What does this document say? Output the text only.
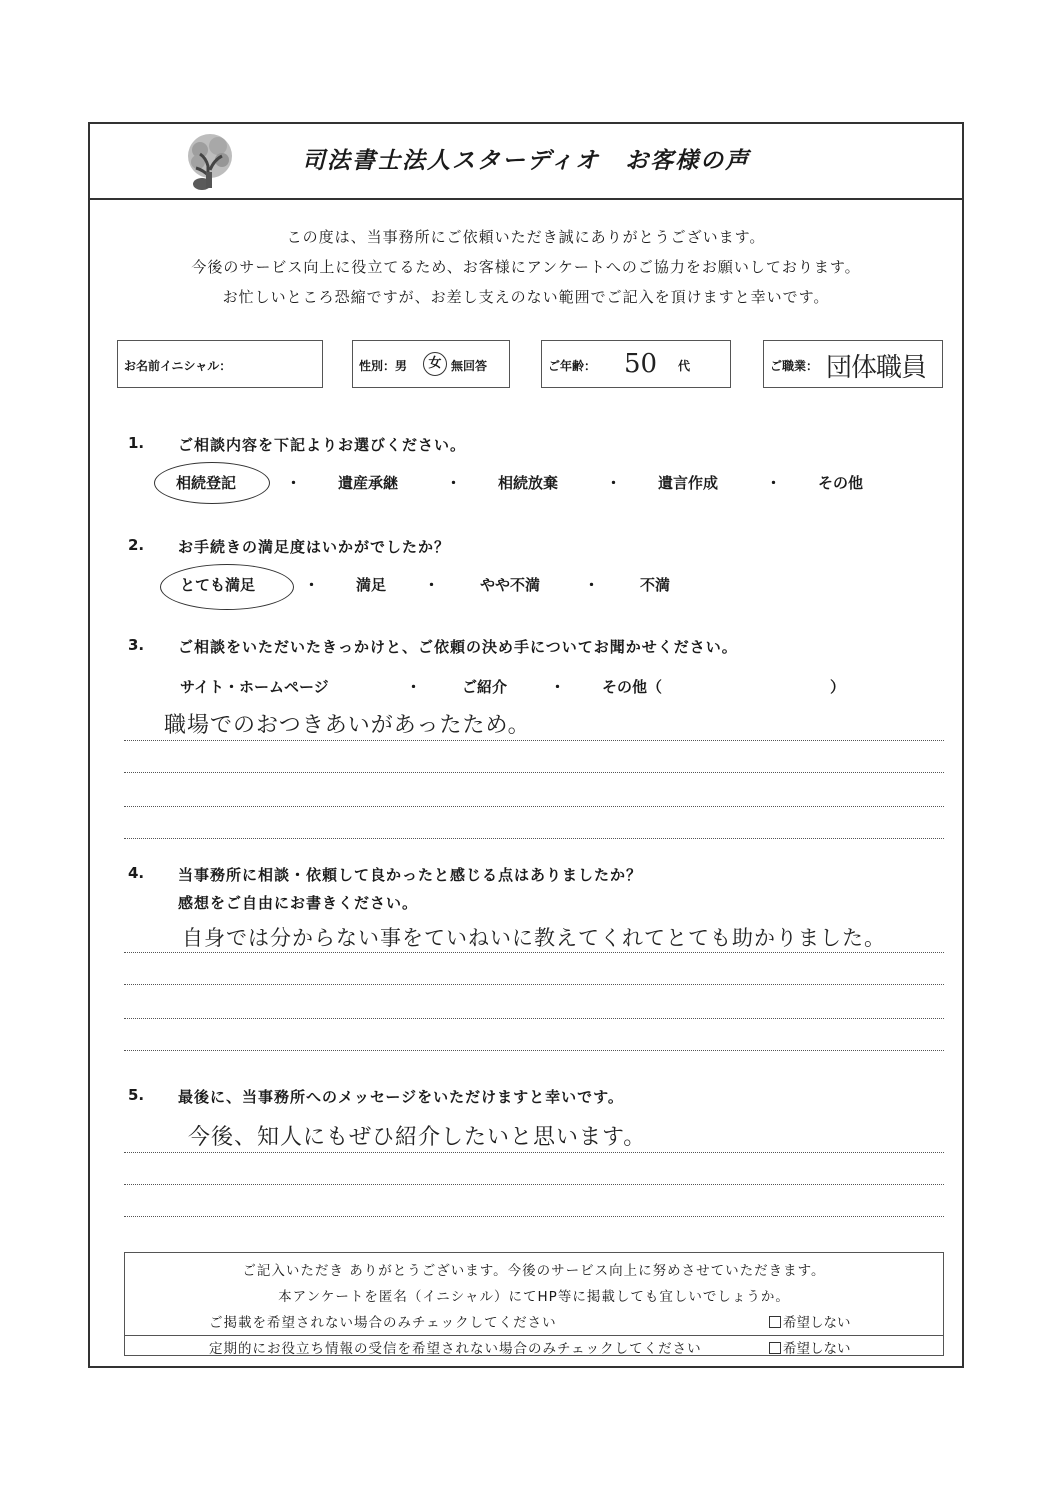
司法書士法人スターディオ　お客様の声
この度は、当事務所にご依頼いただき誠にありがとうございます。
今後のサービス向上に役立てるため、お客様にアンケートへのご協力をお願いしております。
お忙しいところ恐縮ですが、お差し支えのない範囲でご記入を頂けますと幸いです。
お名前イニシャル：	性別：男	女 無回答	ご年齢： 50 代	ご職業： 団体職員
1. ご相談内容を下記よりお選びください。
相続登記	・ 遺産承継	・ 相続放棄	・ 遺言作成	・ その他
2. お手続きの満足度はいかがでしたか？
とても満足	・ 満足	・	やや不満	・	不満
3. ご相談をいただいたきっかけと、ご依頼の決め手についてお聞かせください。
サイト・ホームページ	・	ご紹介	・ その他（	）
職場でのおつきあいがあったため。
4. 当事務所に相談・依頼して良かったと感じる点はありましたか？
感想をご自由にお書きください。
自身では分からない事をていねいに教えてくれてとても助かりました。
5. 最後に、当事務所へのメッセージをいただけますと幸いです。
今後、知人にもぜひ紹介したいと思います。
ご記入いただき ありがとうございます。今後のサービス向上に努めさせていただきます。
本アンケートを匿名（イニシャル）にてHP等に掲載しても宜しいでしょうか。
ご掲載を希望されない場合のみチェックしてください	希望しない
定期的にお役立ち情報の受信を希望されない場合のみチェックしてください	希望しない
